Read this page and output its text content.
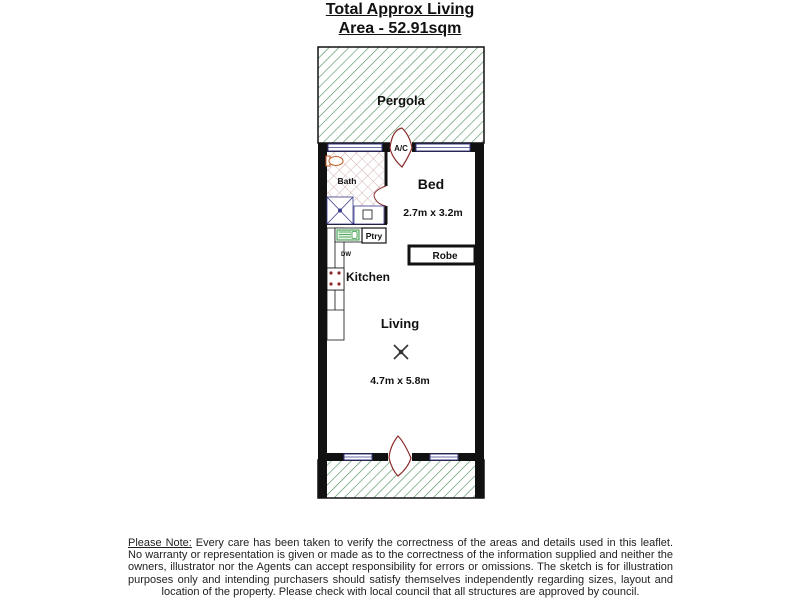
Total Approx Living
Area - 52.91sqm
A/C
Bath
Ptry
DW
Kitchen
Robe
Pergola
Bed
2.7m x 3.2m
Living
4.7m x 5.8m
Please Note: Every care has been taken to verify the correctness of the areas and details used in this leaflet. No warranty or representation is given or made as to the correctness of the information supplied and neither the owners, illustrator nor the Agents can accept responsibility for errors or omissions. The sketch is for illustration purposes only and intending purchasers should satisfy themselves independently regarding sizes, layout and location of the property. Please check with local council that all structures are approved by council.
